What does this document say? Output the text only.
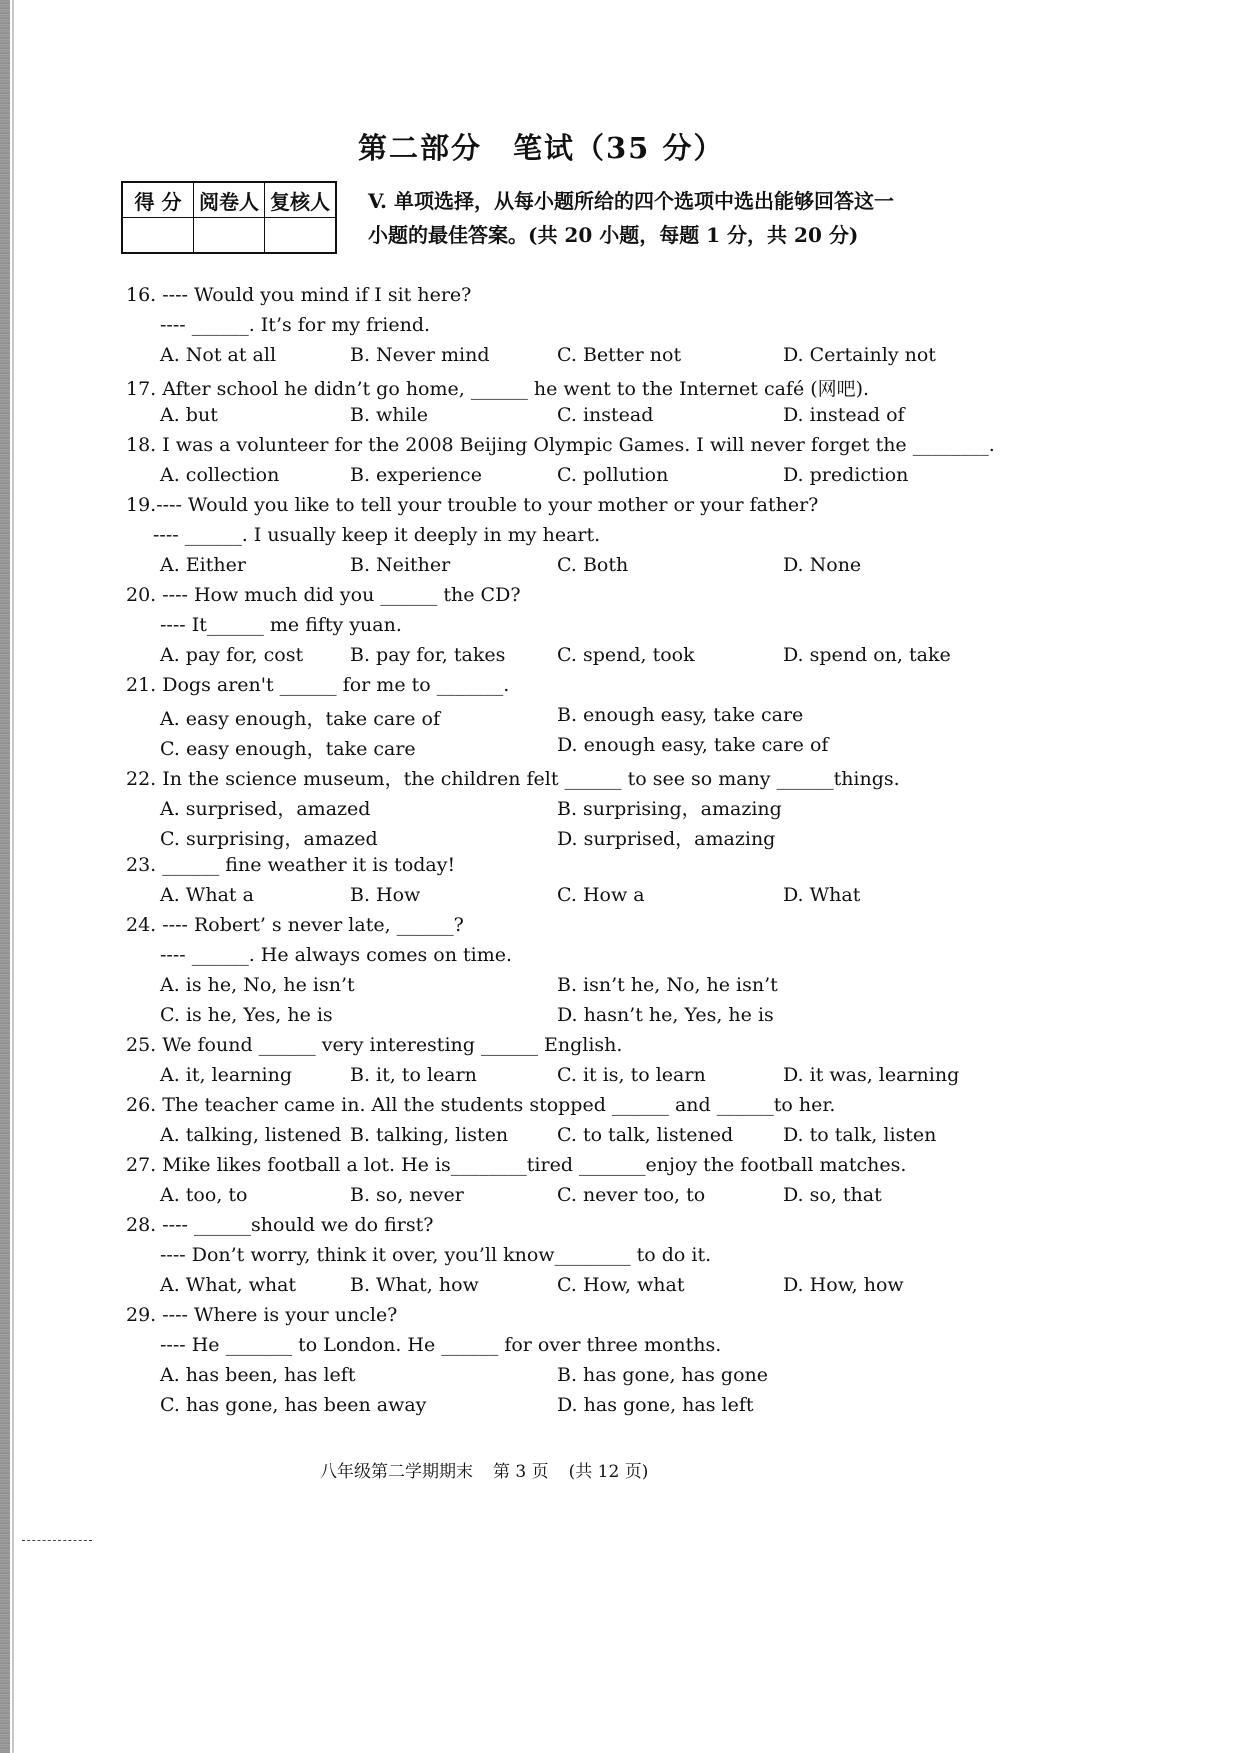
第二部分　笔试（35 分）
得 分	阅卷人	复核人
		V. 单项选择，从每小题所给的四个选项中选出能够回答这一
小题的最佳答案。(共 20 小题，每题 1 分，共 20 分)
16. ---- Would you mind if I sit here?
---- ______. It’s for my friend.
A. Not at all	B. Never mind	C. Better not	D. Certainly not
17. After school he didn’t go home, ______ he went to the Internet café (网吧).
A. but	B. while	C. instead	D. instead of
18. I was a volunteer for the 2008 Beijing Olympic Games. I will never forget the ________.
A. collection	B. experience	C. pollution	D. prediction
19.---- Would you like to tell your trouble to your mother or your father?
---- ______. I usually keep it deeply in my heart.
A. Either	B. Neither	C. Both	D. None
20. ---- How much did you ______ the CD?
---- It______ me fifty yuan.
A. pay for, cost B. pay for, takes	C. spend, took	D. spend on, take
21. Dogs aren't ______ for me to _______.
A. easy enough，take care of	B. enough easy, take care
C. easy enough，take care	D. enough easy, take care of
22. In the science museum，the children felt ______ to see so many ______things.
A. surprised，amazed	B. surprising，amazing
C. surprising，amazed	D. surprised，amazing
23. ______ fine weather it is today!
A. What a	B. How	C. How a	D. What
24. ---- Robert’ s never late, ______?
---- ______. He always comes on time.
A. is he, No, he isn’t	B. isn’t he, No, he isn’t
C. is he, Yes, he is	D. hasn’t he, Yes, he is
25. We found ______ very interesting ______ English.
A. it, learning	B. it, to learn	C. it is, to learn	D. it was, learning
26. The teacher came in. All the students stopped ______ and ______to her.
A. talking, listened B. talking, listen	C. to talk, listened	D. to talk, listen
27. Mike likes football a lot. He is________tired _______enjoy the football matches.
A. too, to	B. so, never	C. never too, to	D. so, that
28. ---- ______should we do first?
---- Don’t worry, think it over, you’ll know________ to do it.
A. What, what	B. What, how	C. How, what	D. How, how
29. ---- Where is your uncle?
---- He _______ to London. He ______ for over three months.
A. has been, has left	B. has gone, has gone
C. has gone, has been away	D. has gone, has left
八年级第二学期期末 第 3 页 (共 12 页)
